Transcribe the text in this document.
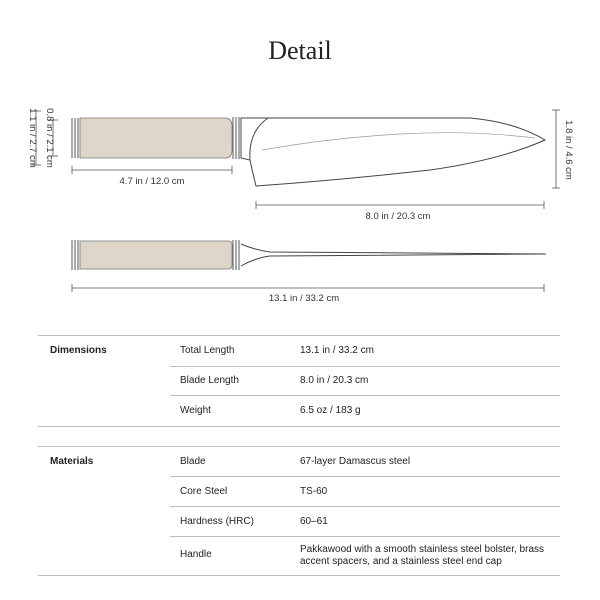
Detail
0.8 in / 2.1 cm
1.1 in / 2.7 cm
4.7 in / 12.0 cm
1.8 in / 4.6 cm
8.0 in / 20.3 cm
13.1 in / 33.2 cm
Dimensions	Total Length	13.1 in / 33.2 cm
Blade Length	8.0 in / 20.3 cm
Weight	6.5 oz / 183 g
Materials	Blade	67-layer Damascus steel
Core Steel	TS-60
Hardness (HRC)	60–61
Handle	Pakkawood with a smooth stainless steel bolster, brass accent spacers, and a stainless steel end cap
